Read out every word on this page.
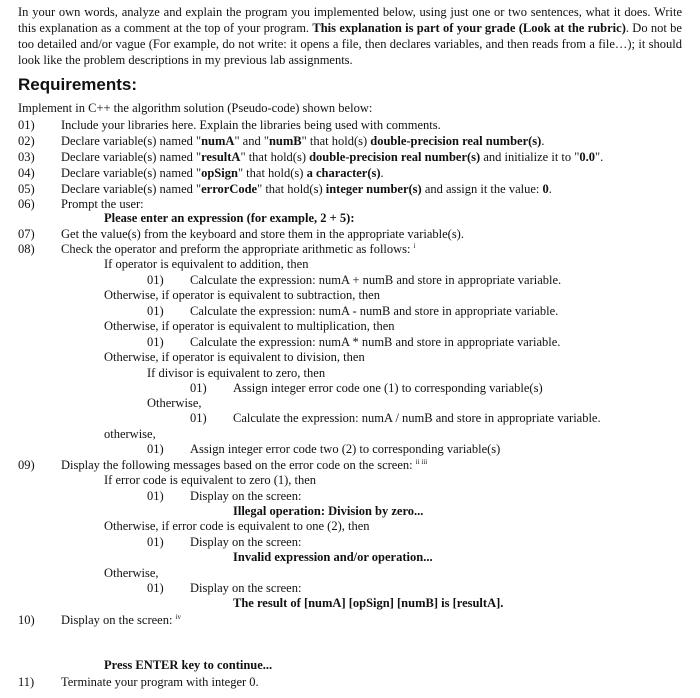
In your own words, analyze and explain the program you implemented below, using just one or two sentences, what it does. Write this explanation as a comment at the top of your program. This explanation is part of your grade (Look at the rubric). Do not be too detailed and/or vague (For example, do not write: it opens a file, then declares variables, and then reads from a file…); it should look like the problem descriptions in my previous lab assignments.
Requirements:
Implement in C++ the algorithm solution (Pseudo-code) shown below:
01) Include your libraries here. Explain the libraries being used with comments.
02) Declare variable(s) named "numA" and "numB" that hold(s) double-precision real number(s).
03) Declare variable(s) named "resultA" that hold(s) double-precision real number(s) and initialize it to "0.0".
04) Declare variable(s) named "opSign" that hold(s) a character(s).
05) Declare variable(s) named "errorCode" that hold(s) integer number(s) and assign it the value: 0.
06) Prompt the user:
Please enter an expression (for example, 2 + 5):
07) Get the value(s) from the keyboard and store them in the appropriate variable(s).
08) Check the operator and preform the appropriate arithmetic as follows: $^i$
If operator is equivalent to addition, then
01) Calculate the expression: numA + numB and store in appropriate variable.
Otherwise, if operator is equivalent to subtraction, then
01) Calculate the expression: numA - numB and store in appropriate variable.
Otherwise, if operator is equivalent to multiplication, then
01) Calculate the expression: numA * numB and store in appropriate variable.
Otherwise, if operator is equivalent to division, then
If divisor is equivalent to zero, then
01) Assign integer error code one (1) to corresponding variable(s)
Otherwise,
01) Calculate the expression: numA / numB and store in appropriate variable.
otherwise,
01) Assign integer error code two (2) to corresponding variable(s)
09) Display the following messages based on the error code on the screen: $^{ii iii}$
If error code is equivalent to zero (1), then
01) Display on the screen:
Illegal operation: Division by zero...
Otherwise, if error code is equivalent to one (2), then
01) Display on the screen:
Invalid expression and/or operation...
Otherwise,
01) Display on the screen:
The result of [numA] [opSign] [numB] is [resultA].
10) Display on the screen: $^{iv}$
Press ENTER key to continue...
11) Terminate your program with integer 0.
